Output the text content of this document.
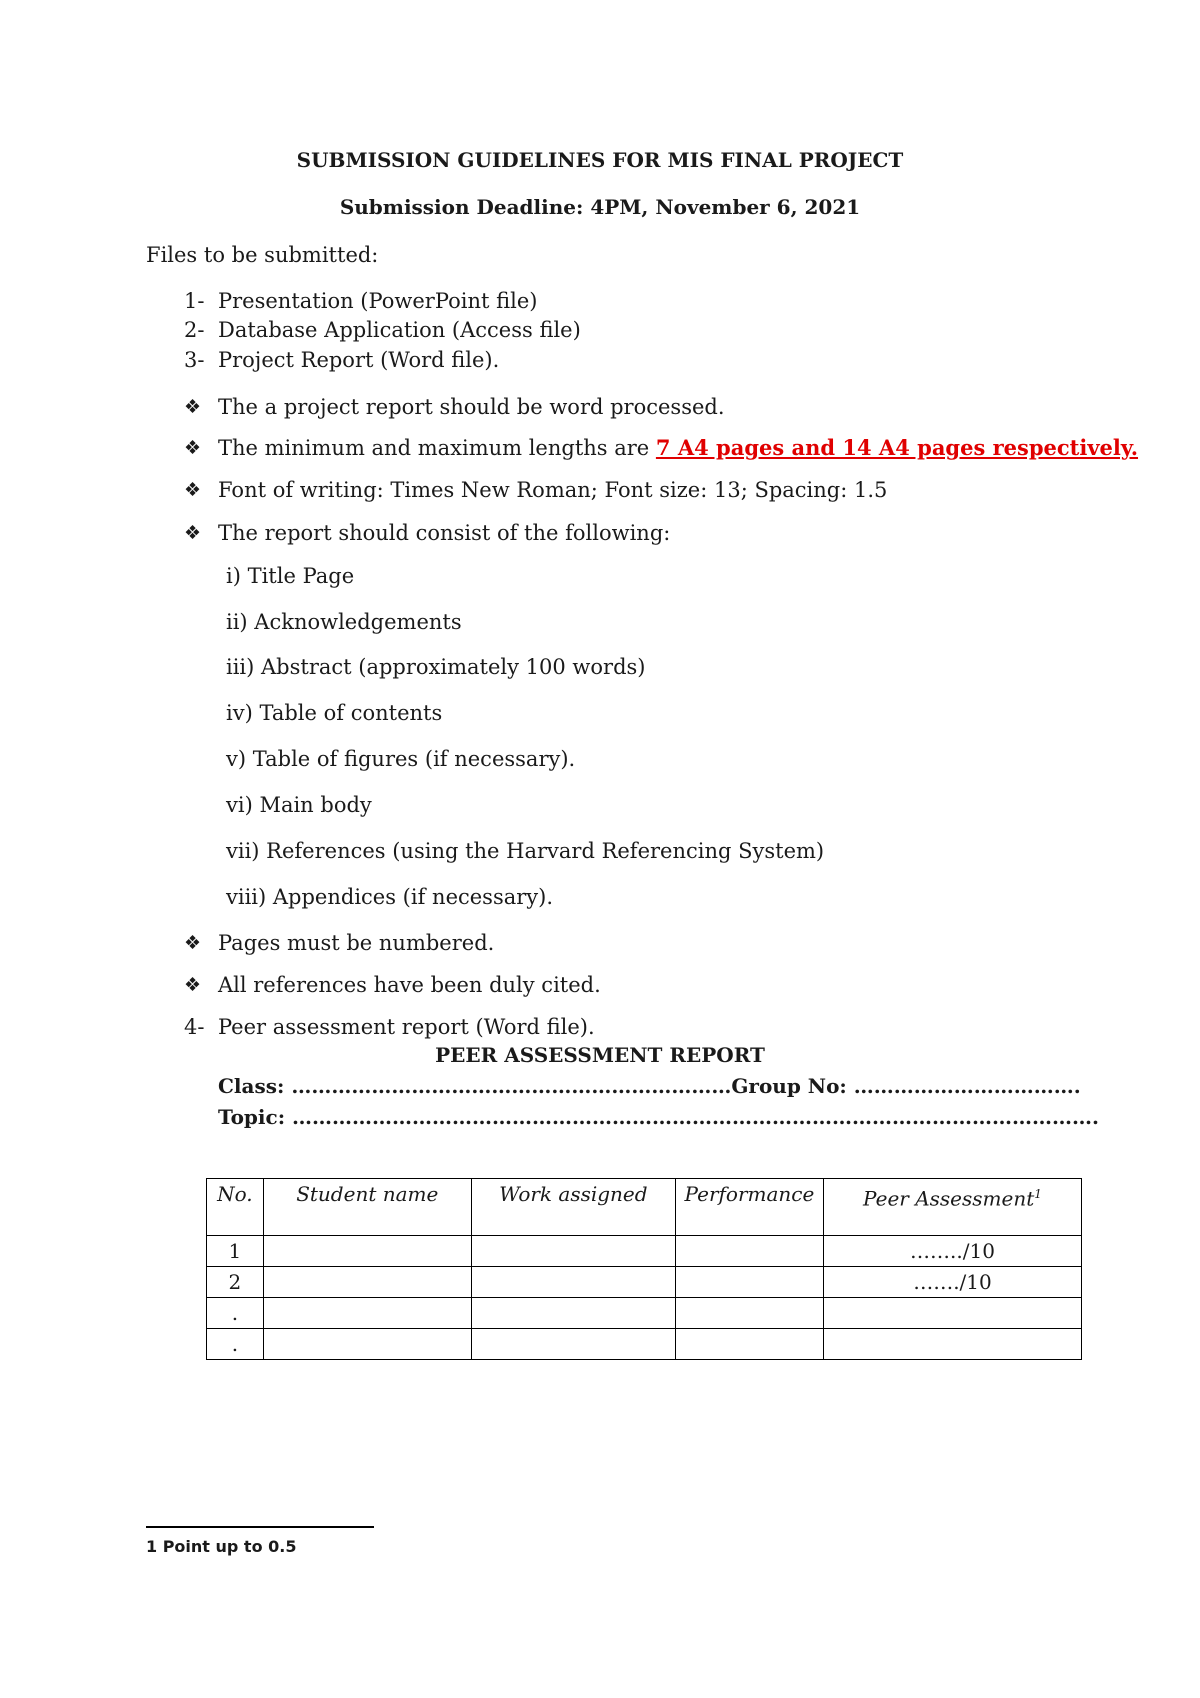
SUBMISSION GUIDELINES FOR MIS FINAL PROJECT
Submission Deadline: 4PM, November 6, 2021
Files to be submitted:
1- Presentation (PowerPoint file)
2- Database Application (Access file)
3- Project Report (Word file).
❖ The a project report should be word processed.
❖ The minimum and maximum lengths are 7 A4 pages and 14 A4 pages respectively.
❖ Font of writing: Times New Roman; Font size: 13; Spacing: 1.5
❖ The report should consist of the following:
i) Title Page
ii) Acknowledgements
iii) Abstract (approximately 100 words)
iv) Table of contents
v) Table of figures (if necessary).
vi) Main body
vii) References (using the Harvard Referencing System)
viii) Appendices (if necessary).
❖ Pages must be numbered.
❖ All references have been duly cited.
4- Peer assessment report (Word file).
PEER ASSESSMENT REPORT
Class: …………………………………………………………Group No: …………………………….
Topic: ………………………………………………………………………………………………………….
No.	Student name	Work assigned	Performance	Peer Assessment$^1$
1				……../10
2				……./10
.				
.				
1 Point up to 0.5
